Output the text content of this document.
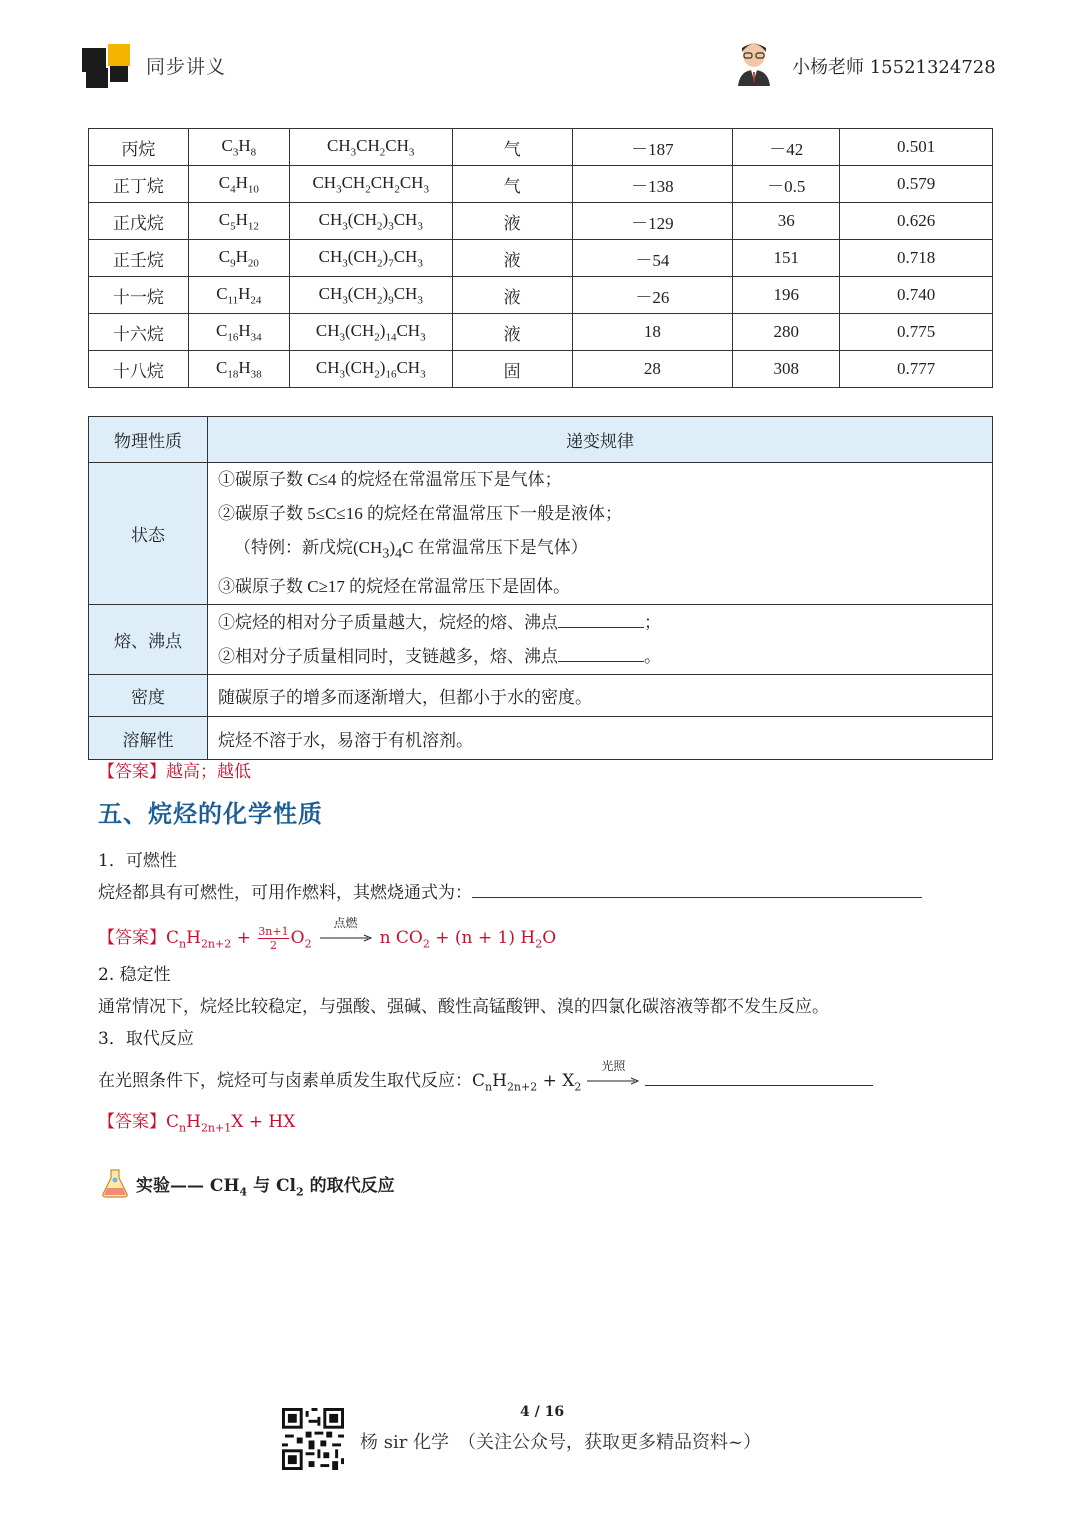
同步讲义	小杨老师 15521324728
丙烷	$C_3H_8$	$CH_3CH_2CH_3$	气	－187	－42	0.501
正丁烷	$C_4H_{10}$	$CH_3CH_2CH_2CH_3$	气	－138	－0.5	0.579
正戊烷	$C_5H_{12}$	$CH_3(CH_2)_3CH_3$	液	－129	36	0.626
正壬烷	$C_9H_{20}$	$CH_3(CH_2)_7CH_3$	液	－54	151	0.718
十一烷	$C_{11}H_{24}$	$CH_3(CH_2)_9CH_3$	液	－26	196	0.740
十六烷	$C_{16}H_{34}$	$CH_3(CH_2)_{14}CH_3$	液	18	280	0.775
十八烷	$C_{18}H_{38}$	$CH_3(CH_2)_{16}CH_3$	固	28	308	0.777
物理性质	递变规律
状态	①碳原子数 C≤4 的烷烃在常温常压下是气体；
②碳原子数 5≤C≤16 的烷烃在常温常压下一般是液体；
（特例：新戊烷$(CH_3)_4C$ 在常温常压下是气体）
③碳原子数 C≥17 的烷烃在常温常压下是固体。

熔、沸点	①烷烃的相对分子质量越大，烷烃的熔、沸点 ；
②相对分子质量相同时，支链越多，熔、沸点 。

密度	随碳原子的增多而逐渐增大，但都小于水的密度。
溶解性	烷烃不溶于水，易溶于有机溶剂。
【答案】越高；越低
五、烷烃的化学性质
1．可燃性
烷烃都具有可燃性，可用作燃料，其燃烧通式为：
【答案】$C_nH_{2n+2} + \frac{3n+1}{2} O_2$
点燃
n $CO_2 + (n + 1)$ $H_2O$
2. 稳定性
通常情况下，烷烃比较稳定，与强酸、强碱、酸性高锰酸钾、溴的四氯化碳溶液等都不发生反应。
3．取代反应
在光照条件下，烷烃可与卤素单质发生取代反应：$C_nH_{2n+2} + X_2$
光照
【答案】$C_nH_{2n+1}X$ + HX
实验—— $CH_4$ 与 $Cl_2$ 的取代反应
4 / 16
杨 sir 化学　（关注公众号，获取更多精品资料~）
